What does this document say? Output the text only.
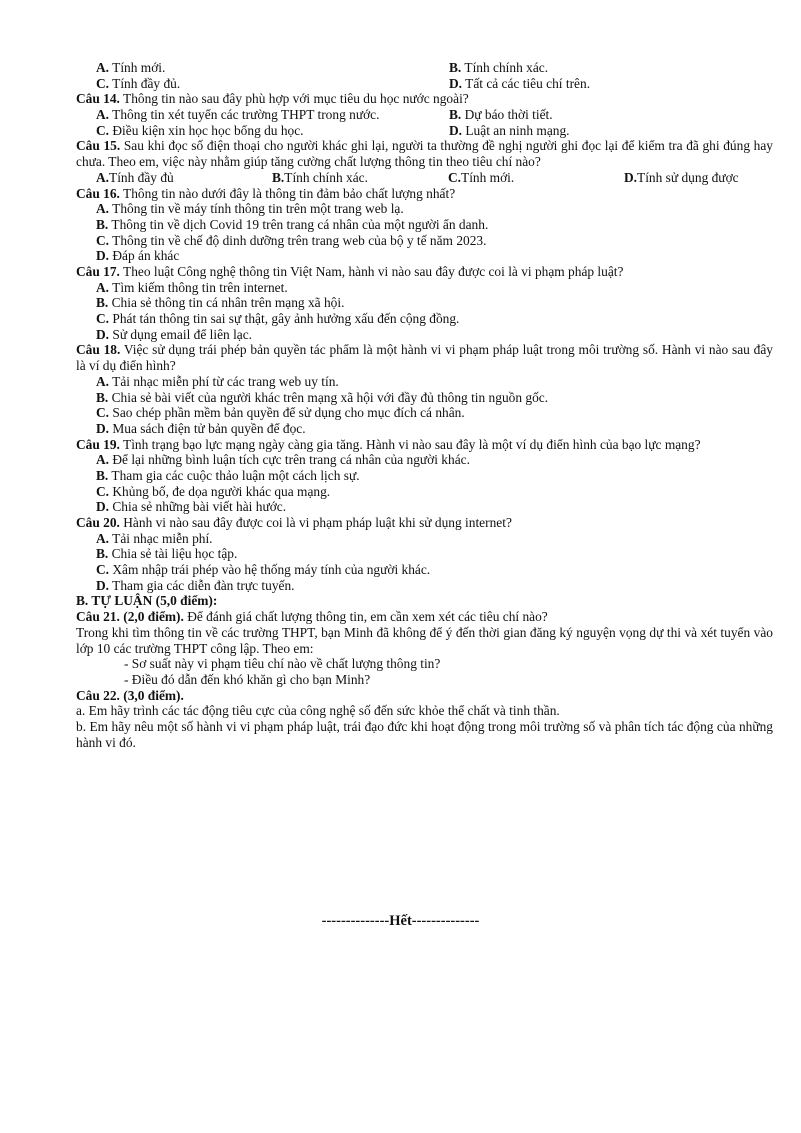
A. Tính mới.	B. Tính chính xác.
C. Tính đầy đủ.	D. Tất cả các tiêu chí trên.
Câu 14. Thông tin nào sau đây phù hợp với mục tiêu du học nước ngoài?
A. Thông tin xét tuyển các trường THPT trong nước.	B. Dự báo thời tiết.
C. Điều kiện xin học học bổng du học.	D. Luật an ninh mạng.
Câu 15. Sau khi đọc số điện thoại cho người khác ghi lại, người ta thường đề nghị người ghi đọc lại để kiểm tra đã ghi đúng hay chưa. Theo em, việc này nhằm giúp tăng cường chất lượng thông tin theo tiêu chí nào?
A.Tính đầy đủ	B.Tính chính xác.	C.Tính mới.	D.Tính sử dụng được
Câu 16. Thông tin nào dưới đây là thông tin đảm bảo chất lượng nhất?
A. Thông tin về máy tính thông tin trên một trang web lạ.
B. Thông tin về dịch Covid 19 trên trang cá nhân của một người ẩn danh.
C. Thông tin về chế độ dinh dưỡng trên trang web của bộ y tế năm 2023.
D. Đáp án khác
Câu 17. Theo luật Công nghệ thông tin Việt Nam, hành vi nào sau đây được coi là vi phạm pháp luật?
A. Tìm kiếm thông tin trên internet.
B. Chia sẻ thông tin cá nhân trên mạng xã hội.
C. Phát tán thông tin sai sự thật, gây ảnh hưởng xấu đến cộng đồng.
D. Sử dụng email để liên lạc.
Câu 18. Việc sử dụng trái phép bản quyền tác phẩm là một hành vi vi phạm pháp luật trong môi trường số. Hành vi nào sau đây là ví dụ điển hình?
A. Tải nhạc miễn phí từ các trang web uy tín.
B. Chia sẻ bài viết của người khác trên mạng xã hội với đầy đủ thông tin nguồn gốc.
C. Sao chép phần mềm bản quyền để sử dụng cho mục đích cá nhân.
D. Mua sách điện tử bản quyền để đọc.
Câu 19. Tình trạng bạo lực mạng ngày càng gia tăng. Hành vi nào sau đây là một ví dụ điển hình của bạo lực mạng?
A. Để lại những bình luận tích cực trên trang cá nhân của người khác.
B. Tham gia các cuộc thảo luận một cách lịch sự.
C. Khủng bố, đe dọa người khác qua mạng.
D. Chia sẻ những bài viết hài hước.
Câu 20. Hành vi nào sau đây được coi là vi phạm pháp luật khi sử dụng internet?
A. Tải nhạc miễn phí.
B. Chia sẻ tài liệu học tập.
C. Xâm nhập trái phép vào hệ thống máy tính của người khác.
D. Tham gia các diễn đàn trực tuyến.
B. TỰ LUẬN (5,0 điểm):
Câu 21. (2,0 điểm). Để đánh giá chất lượng thông tin, em cần xem xét các tiêu chí nào?
Trong khi tìm thông tin về các trường THPT, bạn Minh đã không để ý đến thời gian đăng ký nguyện vọng dự thi và xét tuyển vào lớp 10 các trường THPT công lập. Theo em:
- Sơ suất này vi phạm tiêu chí nào về chất lượng thông tin?
- Điều đó dẫn đến khó khăn gì cho bạn Minh?
Câu 22. (3,0 điểm).
a. Em hãy trình các tác động tiêu cực của công nghệ số đến sức khỏe thể chất và tinh thần.
b. Em hãy nêu một số hành vi vi phạm pháp luật, trái đạo đức khi hoạt động trong môi trường số và phân tích tác động của những hành vi đó.
--------------Hết--------------
